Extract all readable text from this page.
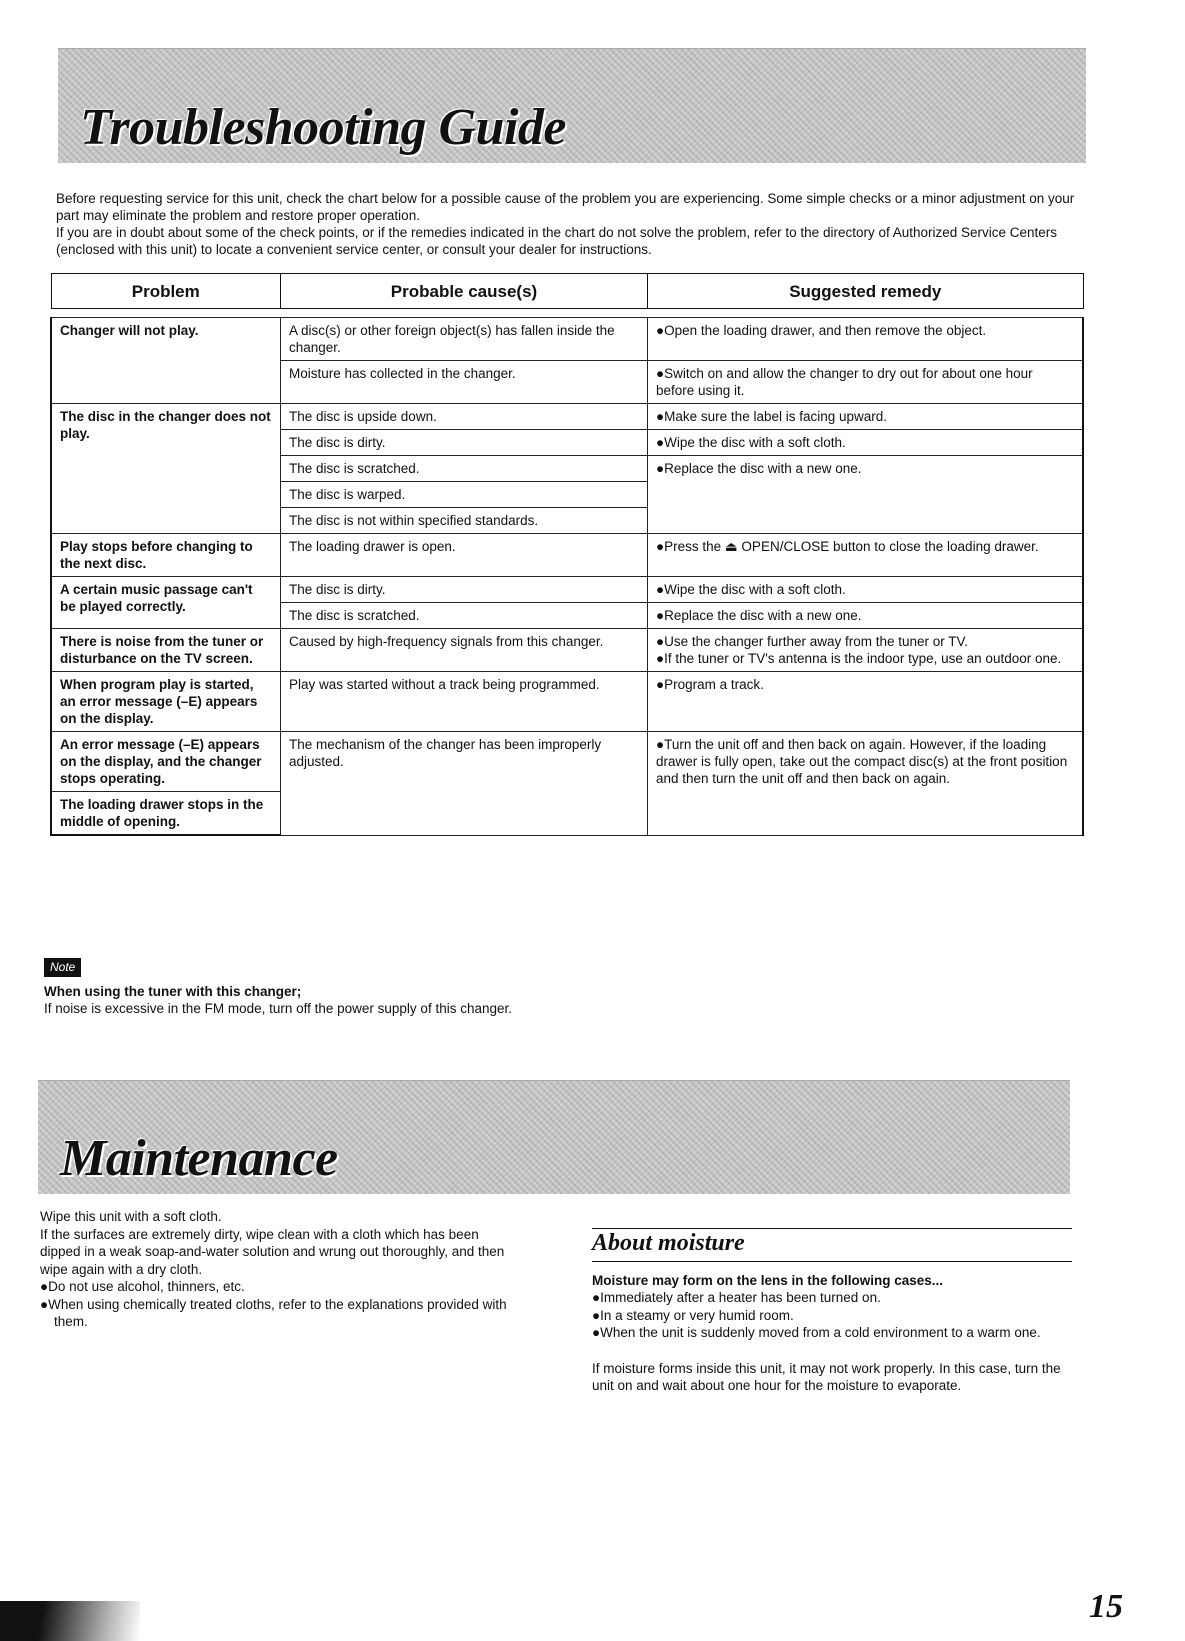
Troubleshooting Guide

Before requesting service for this unit, check the chart below for a possible cause of the problem you are experiencing. Some simple checks or a minor adjustment on your part may eliminate the problem and restore proper operation.

If you are in doubt about some of the check points, or if the remedies indicated in the chart do not solve the problem, refer to the directory of Authorized Service Centers (enclosed with this unit) to locate a convenient service center, or consult your dealer for instructions.

Problem	Probable cause(s)	Suggested remedy

Changer will not play.	A disc(s) or other foreign object(s) has fallen inside the changer.	●Open the loading drawer, and then remove the object.
	Moisture has collected in the changer.	●Switch on and allow the changer to dry out for about one hour before using it.
The disc in the changer does not play.	The disc is upside down.	●Make sure the label is facing upward.
	The disc is dirty.	●Wipe the disc with a soft cloth.
	The disc is scratched.	●Replace the disc with a new one.
	The disc is warped.	
	The disc is not within specified standards.	
Play stops before changing to the next disc.	The loading drawer is open.	●Press the ⏏ OPEN/CLOSE button to close the loading drawer.
A certain music passage can't be played correctly.	The disc is dirty.	●Wipe the disc with a soft cloth.
	The disc is scratched.	●Replace the disc with a new one.
There is noise from the tuner or disturbance on the TV screen.	Caused by high-frequency signals from this changer.	●Use the changer further away from the tuner or TV.
●If the tuner or TV's antenna is the indoor type, use an outdoor one.

When program play is started, an error message (–E) appears on the display.	Play was started without a track being programmed.	●Program a track.
An error message (–E) appears on the display, and the changer stops operating.	The mechanism of the changer has been improperly adjusted.	●Turn the unit off and then back on again. However, if the loading drawer is fully open, take out the compact disc(s) at the front position and then turn the unit off and then back on again.
The loading drawer stops in the middle of opening.		
Note
When using the tuner with this changer;
If noise is excessive in the FM mode, turn off the power supply of this changer.
Maintenance

Wipe this unit with a soft cloth.

If the surfaces are extremely dirty, wipe clean with a cloth which has been dipped in a weak soap-and-water solution and wrung out thoroughly, and then wipe again with a dry cloth.

●Do not use alcohol, thinners, etc.

●When using chemically treated cloths, refer to the explanations provided with them.

About moisture

Moisture may form on the lens in the following cases...

●Immediately after a heater has been turned on.

●In a steamy or very humid room.

●When the unit is suddenly moved from a cold environment to a warm one.

If moisture forms inside this unit, it may not work properly. In this case, turn the unit on and wait about one hour for the moisture to evaporate.

15
